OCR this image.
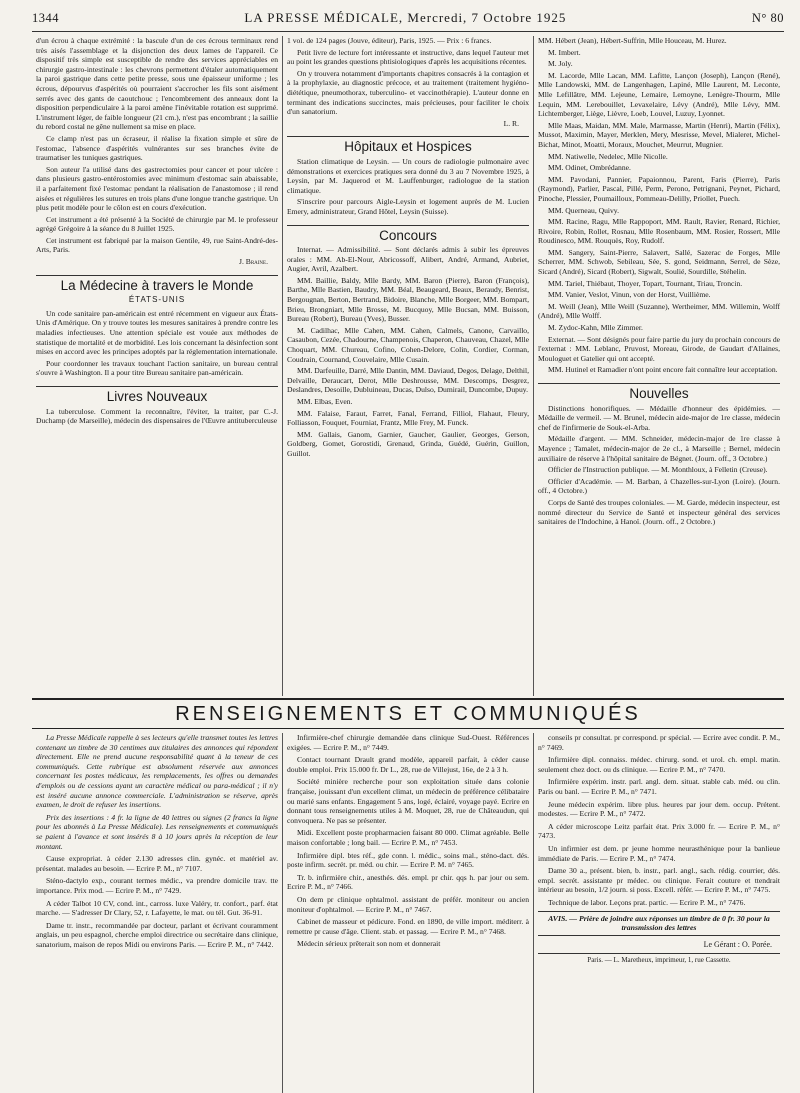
1344	LA PRESSE MÉDICALE, Mercredi, 7 Octobre 1925	N° 80

d'un écrou à chaque extrémité : la bascule d'un de ces écrous terminaux rend très aisés l'assemblage et la disjonction des deux lames de l'appareil. Ce dispositif très simple est susceptible de rendre des services appréciables en chirurgie gastro-intestinale : les chevrons permettent d'étaler automatiquement la paroi gastrique dans cette petite presse, sous une épaisseur uniforme ; les écrous, dépourvus d'aspérités où pourraient s'accrocher les fils sont aisément serrés avec des gants de caoutchouc ; l'encombrement des anneaux dont la disposition perpendiculaire à la paroi amène l'inévitable rotation est supprimé. L'instrument léger, de faible longueur (21 cm.), n'est pas encombrant ; la saillie du rebord costal ne gêne nullement sa mise en place.

Ce clamp n'est pas un écraseur, il réalise la fixation simple et sûre de l'estomac, l'absence d'aspérités vulnérantes sur ses branches évite de traumatiser les tuniques gastriques.

Son auteur l'a utilisé dans des gastrectomies pour cancer et pour ulcère : dans plusieurs gastro-entérostomies avec minimum d'estomac sain abaissable, il a parfaitement fixé l'estomac pendant la réalisation de l'anastomose ; il rend aisées et régulières les sutures en trois plans d'une longue tranche gastrique. Un plus petit modèle pour le côlon est en cours d'exécution.

Cet instrument a été présenté à la Société de chirurgie par M. le professeur agrégé Grégoire à la séance du 8 Juillet 1925.

Cet instrument est fabriqué par la maison Gentile, 49, rue Saint-André-des-Arts, Paris.

J. Braine.
La Médecine à travers le Monde
ÉTATS-UNIS

Un code sanitaire pan-américain est entré récemment en vigueur aux États-Unis d'Amérique. On y trouve toutes les mesures sanitaires à prendre contre les maladies infectieuses. Une attention spéciale est vouée aux méthodes de statistique de mortalité et de morbidité. Les lois concernant la désinfection sont mises en accord avec les principes adoptés par la réglementation internationale.

Pour coordonner les travaux touchant l'action sanitaire, un bureau central s'ouvre à Washington. Il a pour titre Bureau sanitaire pan-américain.

Livres Nouveaux

La tuberculose. Comment la reconnaître, l'éviter, la traiter, par C.-J. Duchamp (de Marseille), médecin des dispensaires de l'Œuvre antituberculeuse

1 vol. de 124 pages (Jouve, éditeur), Paris, 1925. — Prix : 6 francs.

Petit livre de lecture fort intéressante et instructive, dans lequel l'auteur met au point les grandes questions phtisiologiques d'après les acquisitions récentes.

On y trouvera notamment d'importants chapitres consacrés à la contagion et à la prophylaxie, au diagnostic précoce, et au traitement (traitement hygiéno-diététique, pneumothorax, tuberculino- et vaccinothérapie). L'auteur donne en terminant des indications succinctes, mais précieuses, pour faciliter le choix d'un sanatorium.

L. R.
Hôpitaux et Hospices

Station climatique de Leysin. — Un cours de radiologie pulmonaire avec démonstrations et exercices pratiques sera donné du 3 au 7 Novembre 1925, à Leysin, par M. Jaquerod et M. Lauffenburger, radiologue de la station climatique.

S'inscrire pour parcours Aigle-Leysin et logement auprès de M. Lucien Emery, administrateur, Grand Hôtel, Leysin (Suisse).

Concours

Internat. — Admissibilité. — Sont déclarés admis à subir les épreuves orales : MM. Ab-El-Nour, Abricossoff, Alibert, André, Armand, Aubriet, Augier, Avril, Azalbert.

MM. Baillie, Baldy, Mlle Bardy, MM. Baron (Pierre), Baron (François), Barthe, Mlle Bastien, Baudry, MM. Béal, Beaugeard, Beaux, Beraudy, Benrist, Bergougnan, Berton, Bertrand, Bidoire, Blanche, Mlle Borgeer, MM. Bompart, Brieu, Brongniart, Mlle Brosse, M. Bucquoy, Mlle Bucsan, MM. Buisson, Bureau (Robert), Bureau (Yves), Busser.

M. Cadilhac, Mlle Cahen, MM. Cahen, Calmels, Canone, Carvaillo, Casaubon, Cezée, Chadourne, Champenois, Chaperon, Chauveau, Chazel, Mlle Choquart, MM. Chureau, Cofino, Cohen-Delore, Colin, Cordier, Corman, Coudrain, Cournand, Couvelaire, Mlle Cusain.

MM. Darfeuille, Darré, Mlle Dantin, MM. Daviaud, Degos, Delage, Delthil, Delvaille, Deraucart, Derot, Mlle Deshrousse, MM. Descomps, Desgrez, Deslandres, Desoille, Dubluineau, Ducas, Dulso, Dumirail, Duncombe, Dupuy.

MM. Elbas, Even.

MM. Falaise, Faraut, Farret, Fanal, Ferrand, Filliol, Flahaut, Fleury, Folliasson, Fouquet, Fourniat, Frantz, Mlle Frey, M. Funck.

MM. Gallais, Ganom, Garnier, Gaucher, Gaulier, Georges, Gerson, Goldberg, Gomet, Gorostidi, Grenaud, Grinda, Guédé, Guérin, Guillon, Guillot.

MM. Hébert (Jean), Hébert-Suffrin, Mlle Houceau, M. Hurez.

M. Imbert.

M. Joly.

M. Lacorde, Mlle Lacan, MM. Lafitte, Lançon (Joseph), Lançon (René), Mlle Landowski, MM. de Langenhagen, Lapiné, Mlle Laurent, M. Leconte, Mlle Lefillâtre, MM. Lejeune, Lemaire, Lemoyne, Lenègre-Thourm, Mlle Lequin, MM. Lerebouillet, Levaxelaire, Lévy (André), Mlle Lévy, MM. Lichtemberger, Liège, Lièvre, Loeb, Louvel, Luzuy, Lyonnet.

Mlle Maas, Maidan, MM. Male, Marmasse, Martin (Henri), Martin (Félix), Mussot, Maximin, Mayer, Merklen, Mery, Mesrisse, Mevel, Mialeret, Michel-Bichat, Minot, Moatti, Moraux, Mouchet, Meurrut, Mugnier.

MM. Natiwelle, Nedelec, Mlle Nicolle.

MM. Odinet, Ombrédanne.

MM. Pavodani, Pannier, Papaionnou, Parent, Faris (Pierre), Paris (Raymond), Parlier, Pascal, Pillé, Perm, Perono, Petrignani, Peynet, Pichard, Pinoche, Plessier, Poumailloux, Pommeau-Delilly, Priollet, Puech.

MM. Querneau, Quivy.

MM. Racine, Ragu, Mlle Rappoport, MM. Rault, Ravier, Renard, Richier, Rivoire, Robin, Rollet, Rosnau, Mlle Rosenbaum, MM. Rosier, Rossert, Mlle Roudinesco, MM. Rouquès, Roy, Rudolf.

MM. Sangery, Saint-Pierre, Salavert, Sallé, Sazerac de Forges, Mlle Scherrer, MM. Schwob, Sebileau, Sée, S. gond, Seidmann, Serrel, de Sèze, Sicard (André), Sicard (Robert), Sigwalt, Soulié, Sourdille, Stéhelin.

MM. Tariel, Thiébaut, Thoyer, Topart, Tournant, Triau, Troncin.

MM. Vanier, Veslot, Vinun, von der Horst, Vuillième.

M. Weill (Jean), Mlle Weill (Suzanne), Wertheimer, MM. Willemin, Wolff (André), Mlle Wolff.

M. Zydoc-Kahn, Mlle Zimmer.

Externat. — Sont désignés pour faire partie du jury du prochain concours de l'externat : MM. Leblanc, Pruvost, Moreau, Girode, de Gaudart d'Allaines, Mouloguet et Gatelier qui ont accepté.

MM. Hutinel et Ramadier n'ont point encore fait connaître leur acceptation.

Nouvelles

Distinctions honorifiques. — Médaille d'honneur des épidémies. — Médaille de vermeil. — M. Brunel, médecin aide-major de 1re classe, médecin chef de l'infirmerie de Souk-el-Arba.

Médaille d'argent. — MM. Schneider, médecin-major de 1re classe à Mayence ; Tamalet, médecin-major de 2e cl., à Marseille ; Bernel, médecin auxiliaire de réserve à l'hôpital sanitaire de Bégnet. (Journ. off., 3 Octobre.)

Officier de l'Instruction publique. — M. Monthloux, à Felletin (Creuse).

Officier d'Académie. — M. Barban, à Chazelles-sur-Lyon (Loire). (Journ. off., 4 Octobre.)

Corps de Santé des troupes coloniales. — M. Garde, médecin inspecteur, est nommé directeur du Service de Santé et inspecteur général des services sanitaires de l'Indochine, à Hanoï. (Journ. off., 2 Octobre.)

RENSEIGNEMENTS ET COMMUNIQUÉS

La Presse Médicale rappelle à ses lecteurs qu'elle transmet toutes les lettres contenant un timbre de 30 centimes aux titulaires des annonces qui répondent directement. Elle ne prend aucune responsabilité quant à la teneur de ces communiqués. Cette rubrique est absolument réservée aux annonces concernant les postes médicaux, les remplacements, les offres ou demandes d'emplois ou de cessions ayant un caractère médical ou para-médical ; il n'y est inséré aucune annonce commerciale. L'administration se réserve, après examen, le droit de refuser les insertions.

Prix des insertions : 4 fr. la ligne de 40 lettres ou signes (2 francs la ligne pour les abonnés à La Presse Médicale). Les renseignements et communiqués se paient à l'avance et sont insérés 8 à 10 jours après la réception de leur montant.

Cause expropriat. à céder 2.130 adresses clin. gynéc. et matériel av. présentat. malades au besoin. — Ecrire P. M., n° 7107.

Sténo-dactylo exp., courant termes médic., va prendre domicile trav. tte importance. Prix mod. — Ecrire P. M., n° 7429.

A céder Talbot 10 CV, cond. int., carross. luxe Valéry, tr. confort., parf. état marche. — S'adresser Dr Clary, 52, r. Lafayette, le mat. ou tél. Gut. 36-91.

Dame tr. instr., recommandée par docteur, parlant et écrivant couramment anglais, un peu espagnol, cherche emploi directrice ou secrétaire dans clinique, sanatorium, maison de repos Midi ou environs Paris. — Ecrire P. M., n° 7442.

Infirmière-chef chirurgie demandée dans clinique Sud-Ouest. Références exigées. — Ecrire P. M., n° 7449.

Contact tournant Drault grand modèle, appareil parfait, à céder cause double emploi. Prix 15.000 fr. Dr L., 28, rue de Villejust, 16e, de 2 à 3 h.

Société minière recherche pour son exploitation située dans colonie française, jouissant d'un excellent climat, un médecin de préférence célibataire ou marié sans enfants. Engagement 5 ans, logé, éclairé, voyage payé. Ecrire en donnant tous renseignements utiles à M. Moquet, 28, rue de Châteaudun, qui convoquera. Ne pas se présenter.

Midi. Excellent poste propharmacien faisant 80 000. Climat agréable. Belle maison confortable ; long bail. — Ecrire P. M., n° 7453.

Infirmière dipl. btes réf., gde conn. l. médic., soins mal., sténo-dact. dés. poste infirm. secrét. pr. méd. ou chir. — Ecrire P. M. n° 7465.

Tr. b. infirmière chir., anesthés. dés. empl. pr chir. qqs h. par jour ou sem. Ecrire P. M., n° 7466.

On dem pr clinique ophtalmol. assistant de préfér. moniteur ou ancien moniteur d'ophtalmol. — Ecrire P. M., n° 7467.

Cabinet de masseur et pédicure. Fond. en 1890, de ville import. méditerr. à remettre pr cause d'âge. Client. stab. et passag. — Ecrire P. M., n° 7468.

Médecin sérieux prêterait son nom et donnerait

conseils pr consultat. pr correspond. pr spécial. — Ecrire avec condit. P. M., n° 7469.

Infirmière dipl. connaiss. médec. chirurg. sond. et urol. ch. empl. matin. seulement chez doct. ou ds clinique. — Ecrire P. M., n° 7470.

Infirmière expérim. instr. parl. angl. dem. situat. stable cab. méd. ou clin. Paris ou banl. — Ecrire P. M., n° 7471.

Jeune médecin expérim. libre plus. heures par jour dem. occup. Prétent. modestes. — Ecrire P. M., n° 7472.

A céder microscope Leitz parfait état. Prix 3.000 fr. — Ecrire P. M., n° 7473.

Un infirmier est dem. pr jeune homme neurasthénique pour la banlieue immédiate de Paris. — Ecrire P. M., n° 7474.

Dame 30 a., présent. bien, b. instr., parl. angl., sach. rédig. courrier, dés. empl. secrét. assistante pr médec. ou clinique. Ferait couture et ttendrait intérieur au besoin, 1/2 journ. si poss. Excell. référ. — Ecrire P. M., n° 7475.

Technique de labor. Leçons prat. partic. — Ecrire P. M., n° 7476.

AVIS. — Prière de joindre aux réponses un timbre de 0 fr. 30 pour la transmission des lettres
Le Gérant : O. Porée.
Paris. — L. Maretheux, imprimeur, 1, rue Cassette.
